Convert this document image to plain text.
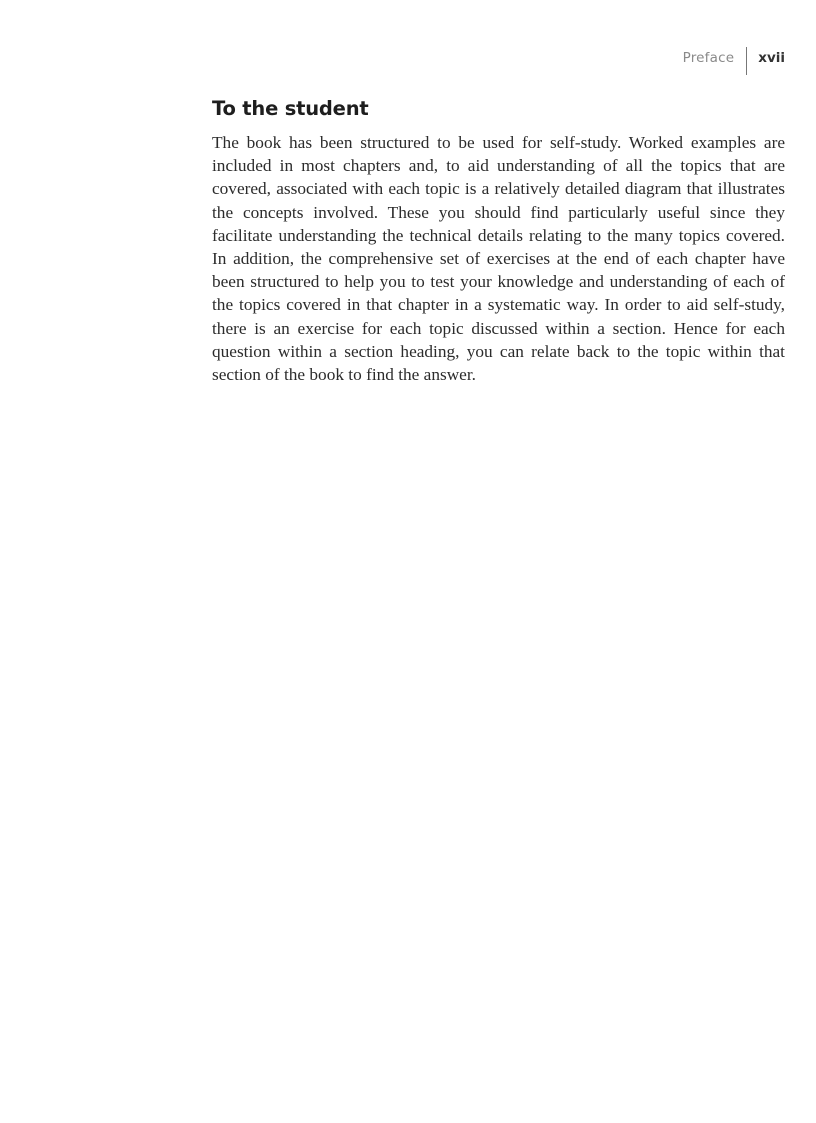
Preface xvii
To the student

The book has been structured to be used for self-study. Worked examples are included in most chapters and, to aid understanding of all the topics that are covered, associated with each topic is a relatively detailed diagram that illustrates the concepts involved. These you should find particularly useful since they facilitate understanding the technical details relating to the many topics covered. In addition, the comprehensive set of exercises at the end of each chapter have been structured to help you to test your knowledge and understanding of each of the topics covered in that chapter in a systematic way. In order to aid self-study, there is an exercise for each topic discussed within a section. Hence for each question within a section heading, you can relate back to the topic within that section of the book to find the answer.
